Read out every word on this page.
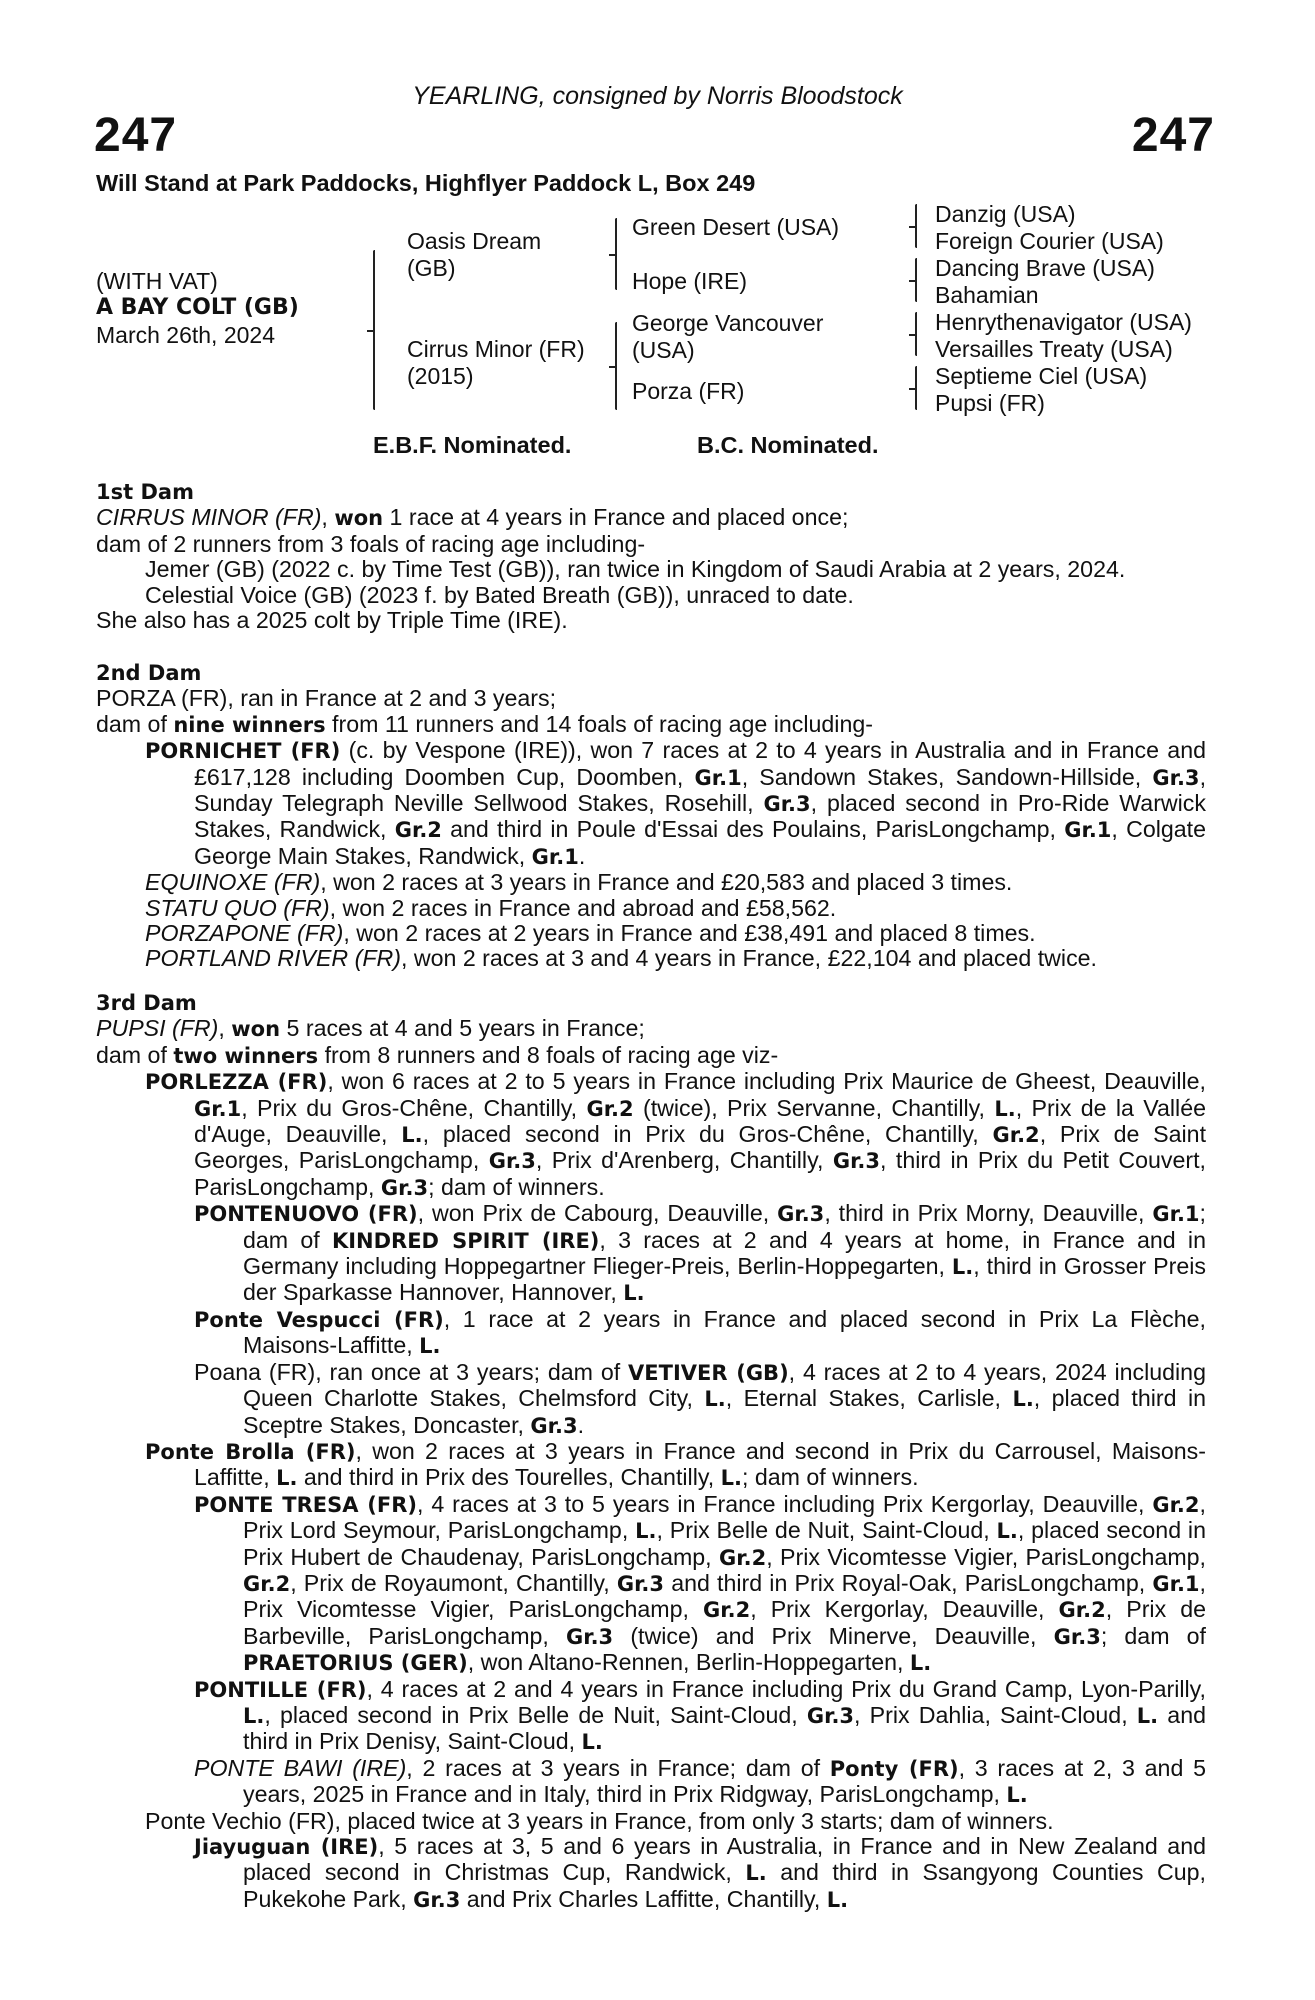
YEARLING, consigned by Norris Bloodstock
247	247
Will Stand at Park Paddocks, Highflyer Paddock L, Box 249
(WITH VAT)
A BAY COLT (GB)
March 26th, 2024
Oasis Dream
(GB)
Cirrus Minor (FR)
(2015)
Green Desert (USA)
Hope (IRE)
George Vancouver
(USA)
Porza (FR)
Danzig (USA)
Foreign Courier (USA)
Dancing Brave (USA)
Bahamian
Henrythenavigator (USA)
Versailles Treaty (USA)
Septieme Ciel (USA)
Pupsi (FR)
E.B.F. Nominated.	B.C. Nominated.

1st Dam

CIRRUS MINOR (FR), won 1 race at 4 years in France and placed once;

dam of 2 runners from 3 foals of racing age including-

Jemer (GB) (2022 c. by Time Test (GB)), ran twice in Kingdom of Saudi Arabia at 2 years, 2024.

Celestial Voice (GB) (2023 f. by Bated Breath (GB)), unraced to date.

She also has a 2025 colt by Triple Time (IRE).

2nd Dam

PORZA (FR), ran in France at 2 and 3 years;

dam of nine winners from 11 runners and 14 foals of racing age including-

PORNICHET (FR) (c. by Vespone (IRE)), won 7 races at 2 to 4 years in Australia and in France and £617,128 including Doomben Cup, Doomben, Gr.1, Sandown Stakes, Sandown-Hillside, Gr.3, Sunday Telegraph Neville Sellwood Stakes, Rosehill, Gr.3, placed second in Pro-Ride Warwick Stakes, Randwick, Gr.2 and third in Poule d'Essai des Poulains, ParisLongchamp, Gr.1, Colgate George Main Stakes, Randwick, Gr.1.

EQUINOXE (FR), won 2 races at 3 years in France and £20,583 and placed 3 times.

STATU QUO (FR), won 2 races in France and abroad and £58,562.

PORZAPONE (FR), won 2 races at 2 years in France and £38,491 and placed 8 times.

PORTLAND RIVER (FR), won 2 races at 3 and 4 years in France, £22,104 and placed twice.

3rd Dam

PUPSI (FR), won 5 races at 4 and 5 years in France;

dam of two winners from 8 runners and 8 foals of racing age viz-

PORLEZZA (FR), won 6 races at 2 to 5 years in France including Prix Maurice de Gheest, Deauville, Gr.1, Prix du Gros-Chêne, Chantilly, Gr.2 (twice), Prix Servanne, Chantilly, L., Prix de la Vallée d'Auge, Deauville, L., placed second in Prix du Gros-Chêne, Chantilly, Gr.2, Prix de Saint Georges, ParisLongchamp, Gr.3, Prix d'Arenberg, Chantilly, Gr.3, third in Prix du Petit Couvert, ParisLongchamp, Gr.3; dam of winners.

PONTENUOVO (FR), won Prix de Cabourg, Deauville, Gr.3, third in Prix Morny, Deauville, Gr.1; dam of KINDRED SPIRIT (IRE), 3 races at 2 and 4 years at home, in France and in Germany including Hoppegartner Flieger-Preis, Berlin-Hoppegarten, L., third in Grosser Preis der Sparkasse Hannover, Hannover, L.

Ponte Vespucci (FR), 1 race at 2 years in France and placed second in Prix La Flèche, Maisons-Laffitte, L.

Poana (FR), ran once at 3 years; dam of VETIVER (GB), 4 races at 2 to 4 years, 2024 including Queen Charlotte Stakes, Chelmsford City, L., Eternal Stakes, Carlisle, L., placed third in Sceptre Stakes, Doncaster, Gr.3.

Ponte Brolla (FR), won 2 races at 3 years in France and second in Prix du Carrousel, Maisons-Laffitte, L. and third in Prix des Tourelles, Chantilly, L.; dam of winners.

PONTE TRESA (FR), 4 races at 3 to 5 years in France including Prix Kergorlay, Deauville, Gr.2, Prix Lord Seymour, ParisLongchamp, L., Prix Belle de Nuit, Saint-Cloud, L., placed second in Prix Hubert de Chaudenay, ParisLongchamp, Gr.2, Prix Vicomtesse Vigier, ParisLongchamp, Gr.2, Prix de Royaumont, Chantilly, Gr.3 and third in Prix Royal-Oak, ParisLongchamp, Gr.1, Prix Vicomtesse Vigier, ParisLongchamp, Gr.2, Prix Kergorlay, Deauville, Gr.2, Prix de Barbeville, ParisLongchamp, Gr.3 (twice) and Prix Minerve, Deauville, Gr.3; dam of PRAETORIUS (GER), won Altano-Rennen, Berlin-Hoppegarten, L.

PONTILLE (FR), 4 races at 2 and 4 years in France including Prix du Grand Camp, Lyon-Parilly, L., placed second in Prix Belle de Nuit, Saint-Cloud, Gr.3, Prix Dahlia, Saint-Cloud, L. and third in Prix Denisy, Saint-Cloud, L.

PONTE BAWI (IRE), 2 races at 3 years in France; dam of Ponty (FR), 3 races at 2, 3 and 5 years, 2025 in France and in Italy, third in Prix Ridgway, ParisLongchamp, L.

Ponte Vechio (FR), placed twice at 3 years in France, from only 3 starts; dam of winners.

Jiayuguan (IRE), 5 races at 3, 5 and 6 years in Australia, in France and in New Zealand and placed second in Christmas Cup, Randwick, L. and third in Ssangyong Counties Cup, Pukekohe Park, Gr.3 and Prix Charles Laffitte, Chantilly, L.
